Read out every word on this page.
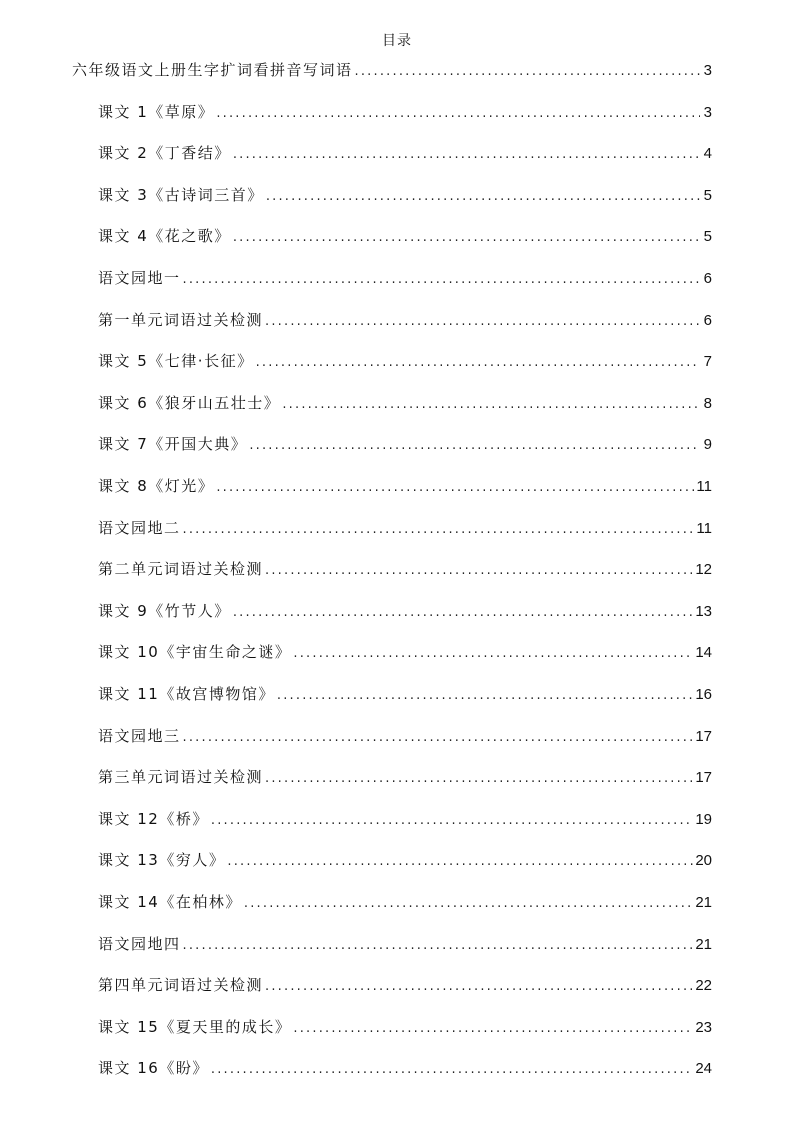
目录
六年级语文上册生字扩词看拼音写词语 .....	3
课文 1《草原》 .....	3
课文 2《丁香结》 .....	4
课文 3《古诗词三首》 .....	5
课文 4《花之歌》 .....	5
语文园地一 .....	6
第一单元词语过关检测 .....	6
课文 5《七律·长征》 .....	7
课文 6《狼牙山五壮士》 .....	8
课文 7《开国大典》 .....	9
课文 8《灯光》 .....	11
语文园地二 .....	11
第二单元词语过关检测 .....	12
课文 9《竹节人》 .....	13
课文 10《宇宙生命之谜》 .....	14
课文 11《故宫博物馆》 .....	16
语文园地三 .....	17
第三单元词语过关检测 .....	17
课文 12《桥》 .....	19
课文 13《穷人》 .....	20
课文 14《在柏林》 .....	21
语文园地四 .....	21
第四单元词语过关检测 .....	22
课文 15《夏天里的成长》 .....	23
课文 16《盼》 .....	24
